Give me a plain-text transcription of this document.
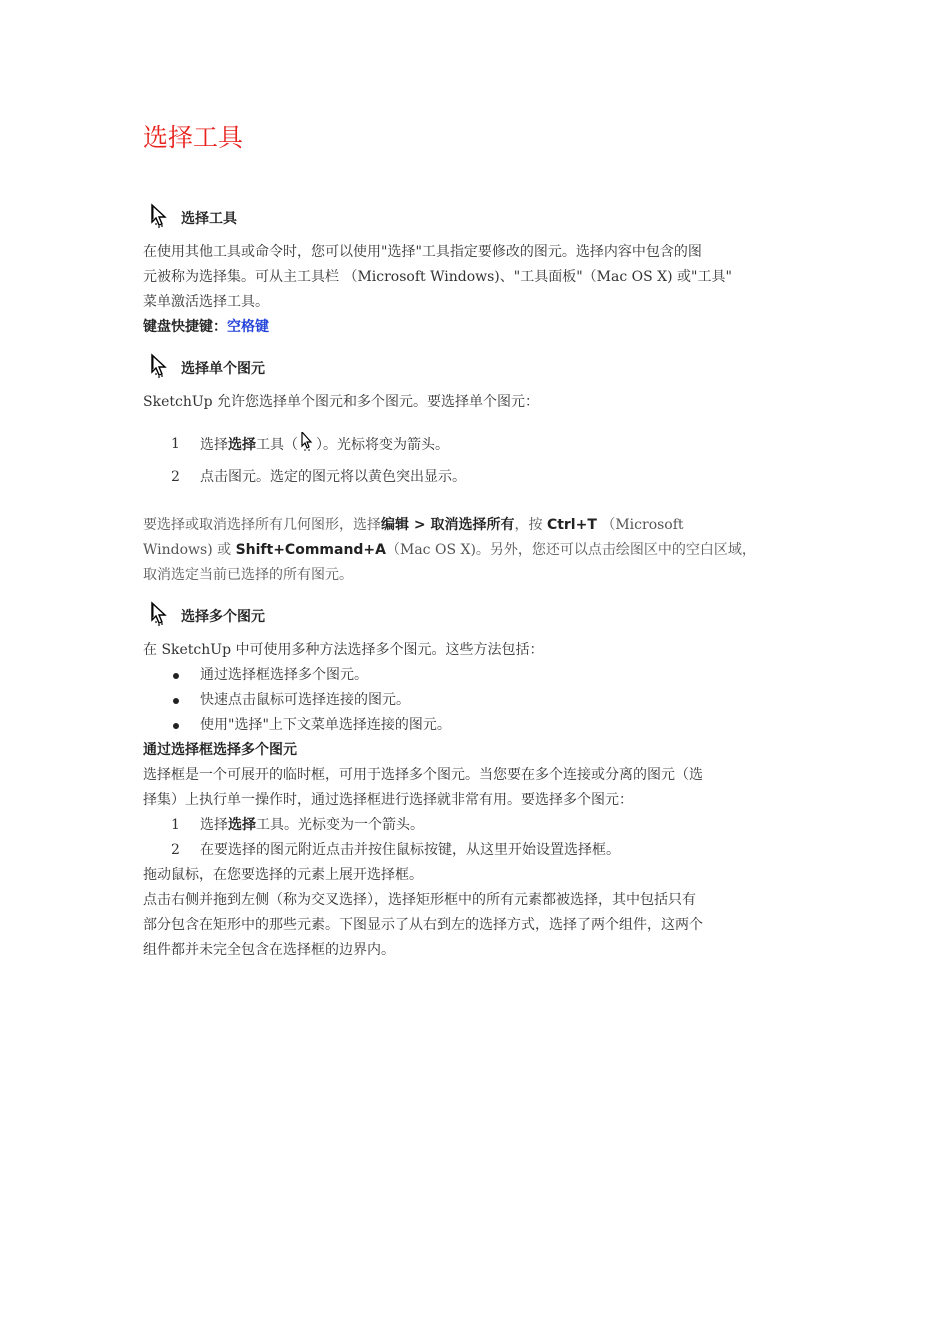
选择工具
选择工具

在使用其他工具或命令时，您可以使用"选择"工具指定要修改的图元。选择内容中包含的图
元被称为选择集。可从主工具栏 （Microsoft Windows)、"工具面板"（Mac OS X) 或"工具"
菜单激活选择工具。

键盘快捷键：空格键

选择单个图元

SketchUp 允许您选择单个图元和多个图元。要选择单个图元：

1 选择选择工具（ ）。光标将变为箭头。
2 点击图元。选定的图元将以黄色突出显示。

要选择或取消选择所有几何图形，选择编辑 > 取消选择所有，按 Ctrl+T （Microsoft
Windows) 或 Shift+Command+A（Mac OS X)。另外，您还可以点击绘图区中的空白区域，
取消选定当前已选择的所有图元。

选择多个图元

在 SketchUp 中可使用多种方法选择多个图元。这些方法包括：

通过选择框选择多个图元。
快速点击鼠标可选择连接的图元。
使用"选择"上下文菜单选择连接的图元。

通过选择框选择多个图元

选择框是一个可展开的临时框，可用于选择多个图元。当您要在多个连接或分离的图元（选
择集）上执行单一操作时，通过选择框进行选择就非常有用。要选择多个图元：

1 选择选择工具。光标变为一个箭头。
2 在要选择的图元附近点击并按住鼠标按键，从这里开始设置选择框。

拖动鼠标，在您要选择的元素上展开选择框。

点击右侧并拖到左侧（称为交叉选择），选择矩形框中的所有元素都被选择，其中包括只有
部分包含在矩形中的那些元素。下图显示了从右到左的选择方式，选择了两个组件，这两个
组件都并未完全包含在选择框的边界内。
